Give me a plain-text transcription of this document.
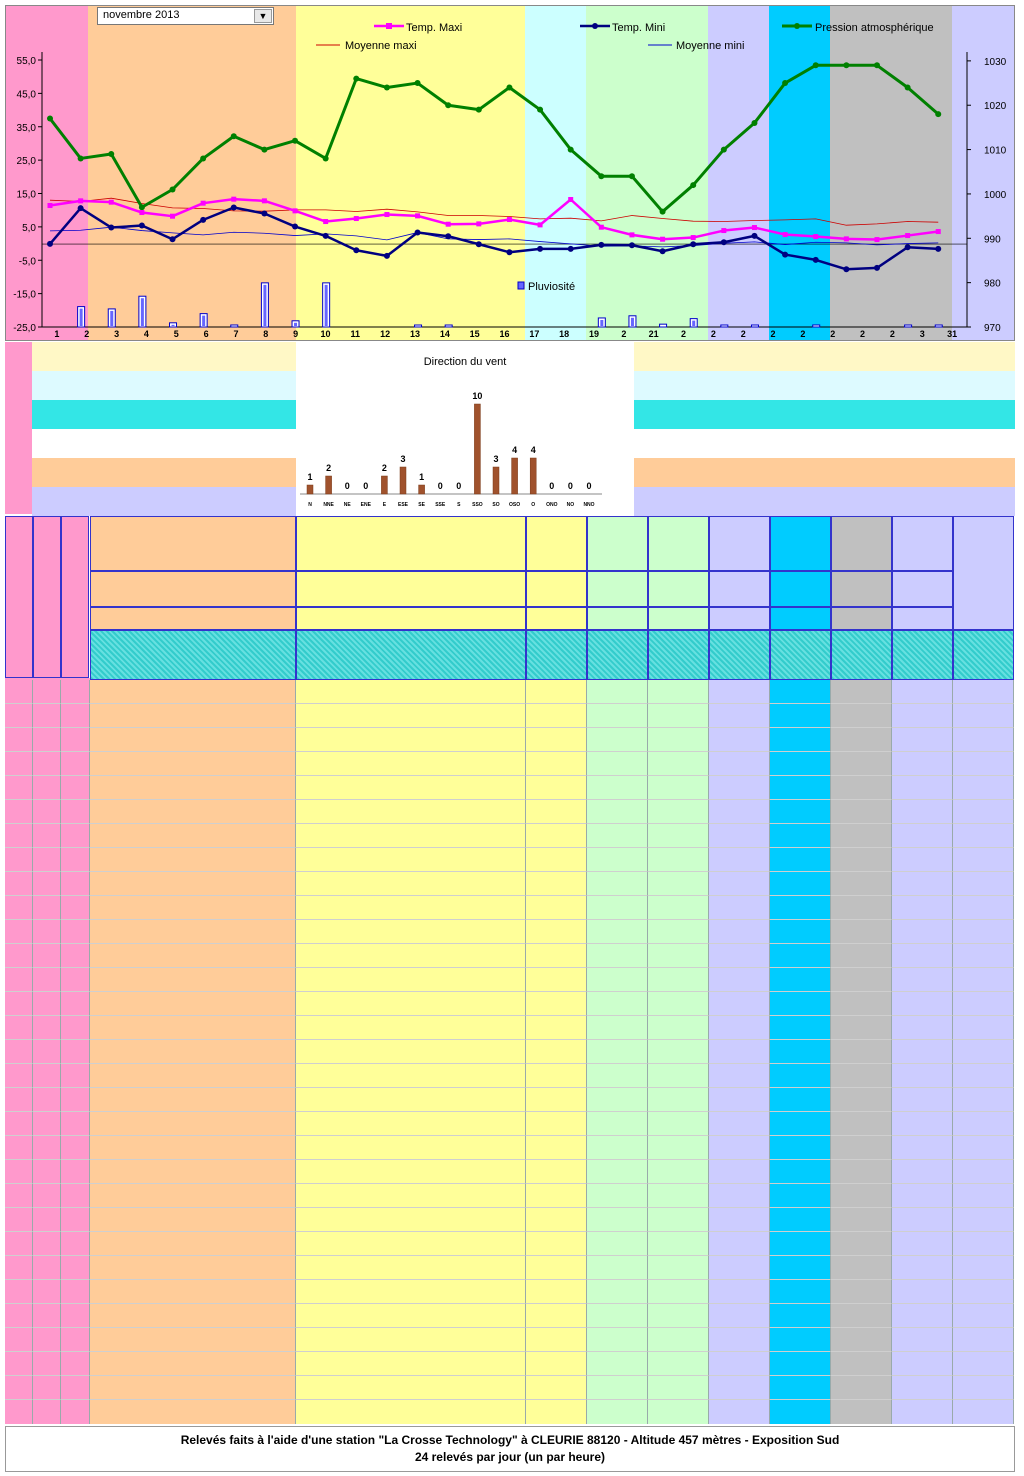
55,0
45,0
35,0
25,0
15,0
5,0
-5,0
-15,0
-25,0
1030
1020
1010
1000
990
980
970
1	2	3	4	5	6	7	8	9 10 11 12 13 14 15 16 17 18 19 2 21 2	2	2	2	2	2	2	2	3 31
Temp. Maxi	Temp. Mini	Pression atmosphérique
Moyenne maxi	Moyenne mini
Pluviosité
novembre 2013	▼
Direction du vent
1
N
2
NNE
0
NE
0
ENE
2
E
3
ESE
1
SE
0
SSE
0
S
10
SSO
3
SO
4
OSO
4
O
0
ONO
0
NO
0
NNO
Relevés faits à l'aide d'une station "La Crosse Technology" à CLEURIE 88120 - Altitude 457 mètres - Exposition Sud
24 relevés par jour (un par heure)
